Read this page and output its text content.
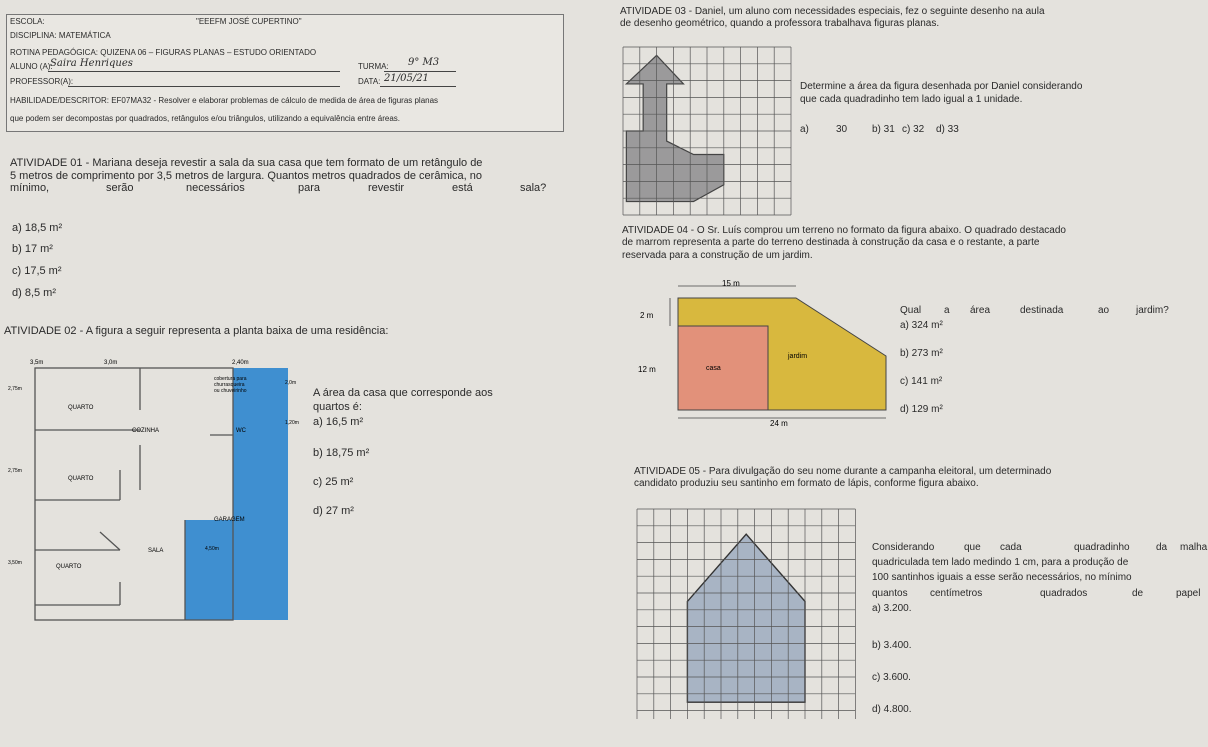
ESCOLA:	"EEEFM JOSÉ CUPERTINO"
DISCIPLINA: MATEMÁTICA
ROTINA PEDAGÓGICA: QUIZENA 06 – FIGURAS PLANAS – ESTUDO ORIENTADO
ALUNO (A):
Saira Henriques	TURMA: 9° M3
PROFESSOR(A):	DATA: 21/05/21
HABILIDADE/DESCRITOR: EF07MA32 - Resolver e elaborar problemas de cálculo de medida de área de figuras planas
que podem ser decompostas por quadrados, retângulos e/ou triângulos, utilizando a equivalência entre áreas.
ATIVIDADE 01 - Mariana deseja revestir a sala da sua casa que tem formato de um retângulo de
5 metros de comprimento por 3,5 metros de largura. Quantos metros quadrados de cerâmica, no
mínimo,	serão	necessários	para	revestir	está	sala?
a) 18,5 m²
b) 17 m²
c) 17,5 m²
d) 8,5 m²
ATIVIDADE 02 - A figura a seguir representa a planta baixa de uma residência:
3,5m	3,0m	2,40m
cobertura para churrasqueira ou chuveirinho
QUARTO
COZINHA	WC
QUARTO
GARAGEM
SALA
QUARTO
2,75m
2,75m
3,50m
2,0m
1,20m
4,50m
A área da casa que corresponde aos
quartos é:
a) 16,5 m²
b) 18,75 m²
c) 25 m²
d) 27 m²
ATIVIDADE 03 - Daniel, um aluno com necessidades especiais, fez o seguinte desenho na aula
de desenho geométrico, quando a professora trabalhava figuras planas.
Determine a área da figura desenhada por Daniel considerando
que cada quadradinho tem lado igual a 1 unidade.
a)	30 b) 31 c) 32 d) 33
ATIVIDADE 04 - O Sr. Luís comprou um terreno no formato da figura abaixo. O quadrado destacado
de marrom representa a parte do terreno destinada à construção da casa e o restante, a parte
reservada para a construção de um jardim.
15 m
2 m
12 m
24 m
casa
jardim
Qual a área	destinada	ao	jardim?
a) 324 m²
b) 273 m²
c) 141 m²
d) 129 m²
ATIVIDADE 05 - Para divulgação do seu nome durante a campanha eleitoral, um determinado
candidato produziu seu santinho em formato de lápis, conforme figura abaixo.
Considerando	que cada	quadradinho	da malha
quadriculada tem lado medindo 1 cm, para a produção de
100 santinhos iguais a esse serão necessários, no mínimo
quantos centímetros	quadrados	de	papel
a) 3.200.
b) 3.400.
c) 3.600.
d) 4.800.
